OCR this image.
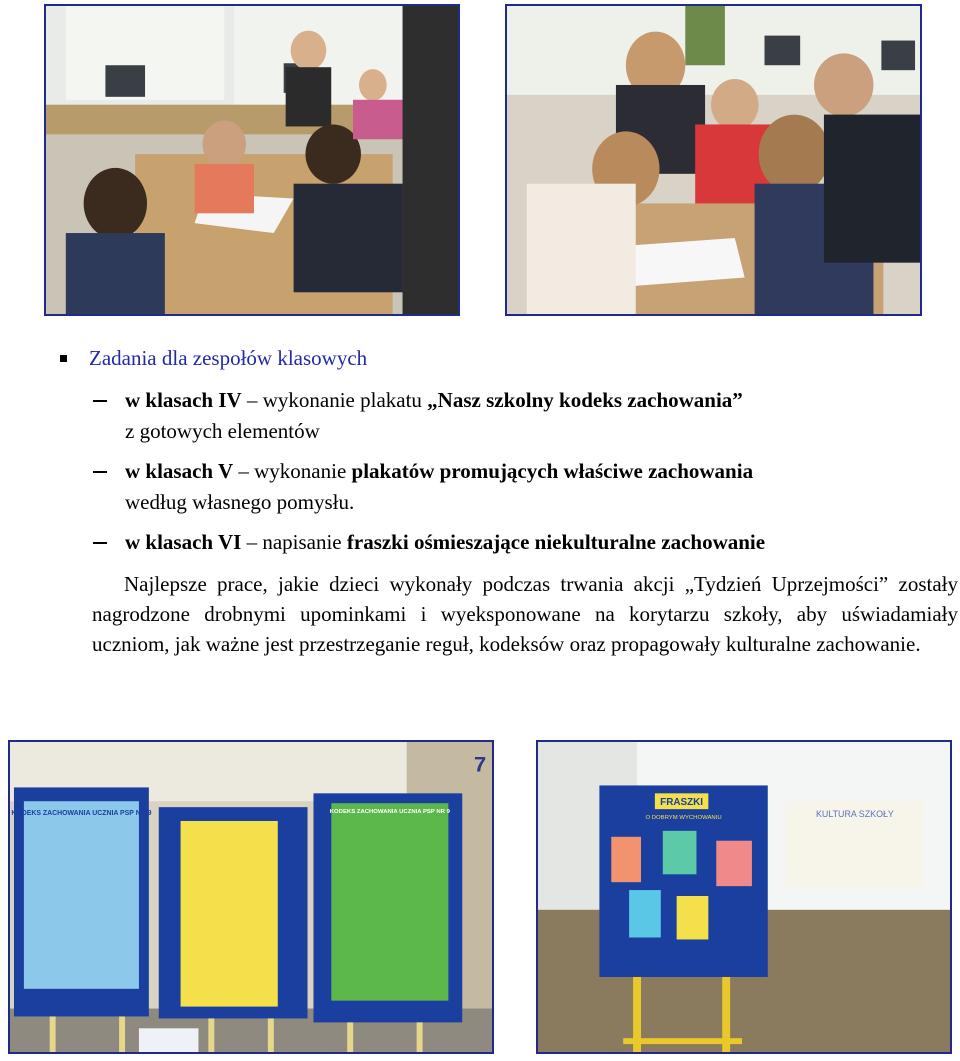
Zadania dla zespołów klasowych
w klasach IV – wykonanie plakatu „Nasz szkolny kodeks zachowania”
z gotowych elementów
w klasach V – wykonanie plakatów promujących właściwe zachowania
według własnego pomysłu.
w klasach VI – napisanie fraszki ośmieszające niekulturalne zachowanie
Najlepsze prace, jakie dzieci wykonały podczas trwania akcji „Tydzień Uprzejmości” zostały nagrodzone drobnymi upominkami i wyeksponowane na korytarzu szkoły, aby uświadamiały uczniom, jak ważne jest przestrzeganie reguł, kodeksów oraz propagowały kulturalne zachowanie.
KODEKS ZACHOWANIA UCZNIA PSP NR 9	KODEKS ZACHOWANIA UCZNIA PSP NR 9
7
KULTURA SZKOŁY
FRASZKI
O DOBRYM WYCHOWANIU
